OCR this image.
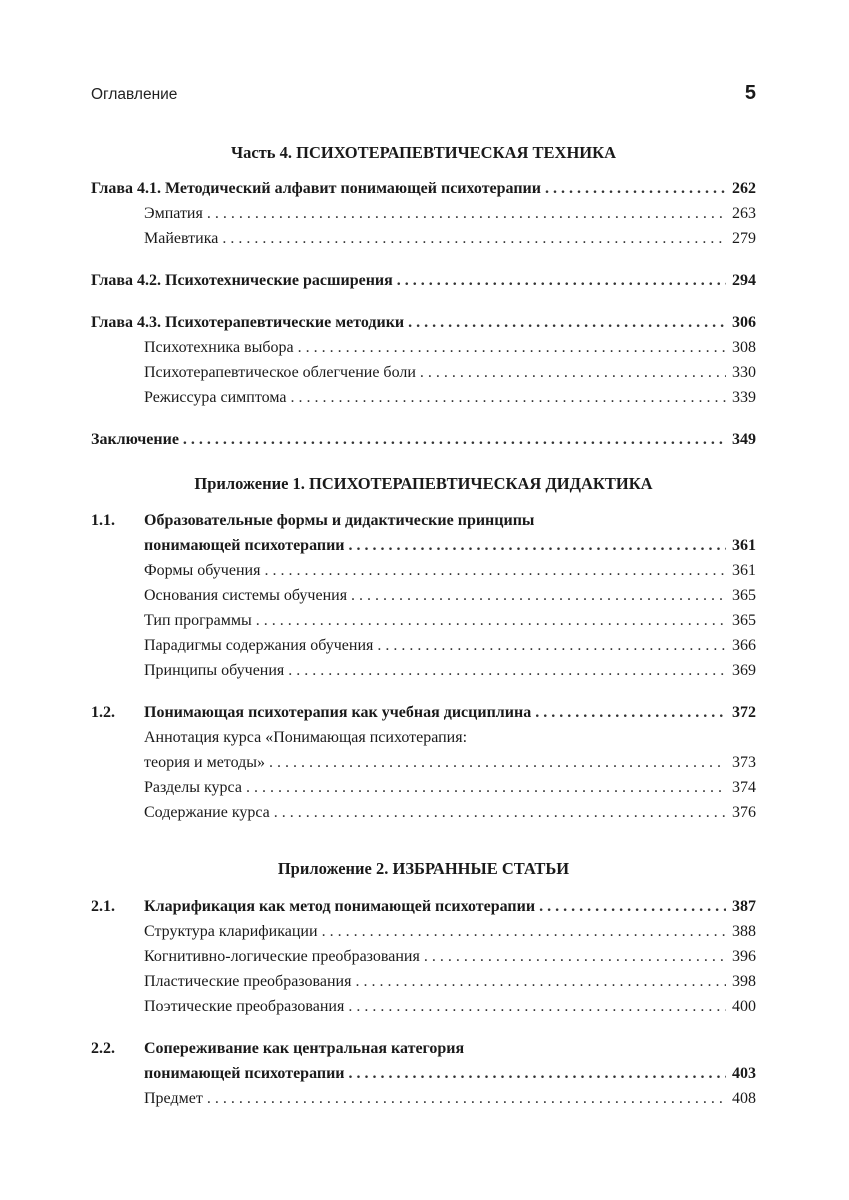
Оглавление	5
Часть 4. ПСИХОТЕРАПЕВТИЧЕСКАЯ ТЕХНИКА
Глава 4.1. Методический алфавит понимающей психотерапии . . .	262
Эмпатия . .	263
Майевтика . .	279
Глава 4.2. Психотехнические расширения . . .	294
Глава 4.3. Психотерапевтические методики . . .	306
Психотехника выбора . .	308
Психотерапевтическое облегчение боли . .	330
Режиссура симптома . .	339
Заключение . . .	349
Приложение 1. ПСИХОТЕРАПЕВТИЧЕСКАЯ ДИДАКТИКА
1.1.	Образовательные формы и дидактические принципы
понимающей психотерапии . . .	361
Формы обучения . .	361
Основания системы обучения . .	365
Тип программы . .	365
Парадигмы содержания обучения . .	366
Принципы обучения . .	369
1.2.	Понимающая психотерапия как учебная дисциплина . . .	372
Аннотация курса «Понимающая психотерапия:
теория и методы» . .	373
Разделы курса . .	374
Содержание курса . .	376
Приложение 2. ИЗБРАННЫЕ СТАТЬИ
2.1.	Кларификация как метод понимающей психотерапии . . .	387
Структура кларификации . .	388
Когнитивно-логические преобразования . .	396
Пластические преобразования . .	398
Поэтические преобразования . .	400
2.2.	Сопереживание как центральная категория
понимающей психотерапии . . .	403
Предмет . .	408
